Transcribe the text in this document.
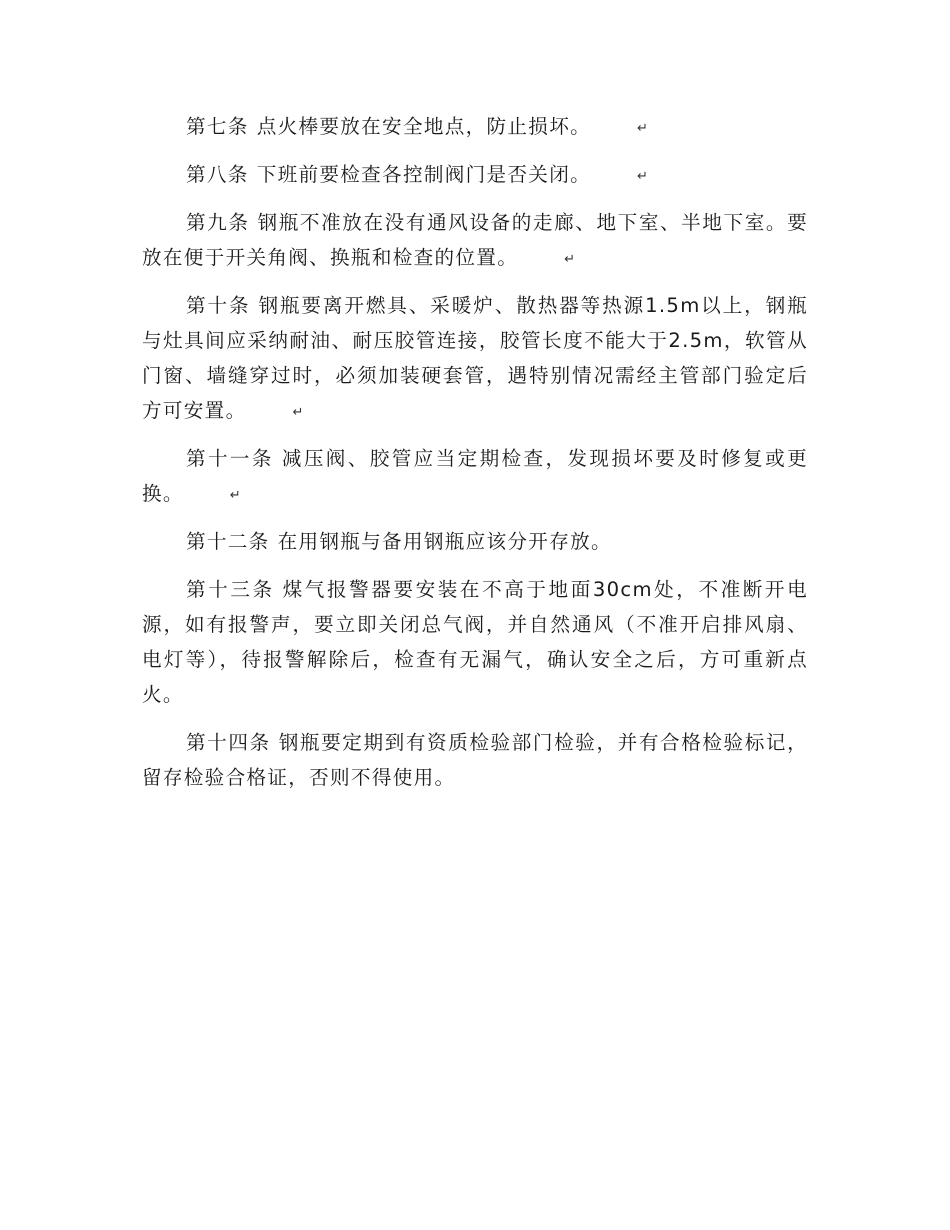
第七条 点火棒要放在安全地点，防止损坏。	↵

第八条 下班前要检查各控制阀门是否关闭。	↵

第九条 钢瓶不准放在没有通风设备的走廊、地下室、半地下室。要放在便于开关角阀、换瓶和检查的位置。	↵

第十条 钢瓶要离开燃具、采暖炉、散热器等热源1.5m以上，钢瓶与灶具间应采纳耐油、耐压胶管连接，胶管长度不能大于2.5m，软管从门窗、墙缝穿过时，必须加装硬套管，遇特别情况需经主管部门验定后方可安置。	↵

第十一条 减压阀、胶管应当定期检查，发现损坏要及时修复或更换。	↵

第十二条 在用钢瓶与备用钢瓶应该分开存放。

第十三条 煤气报警器要安装在不高于地面30cm处，不准断开电源，如有报警声，要立即关闭总气阀，并自然通风（不准开启排风扇、电灯等），待报警解除后，检查有无漏气，确认安全之后，方可重新点火。

第十四条 钢瓶要定期到有资质检验部门检验，并有合格检验标记，留存检验合格证，否则不得使用。
